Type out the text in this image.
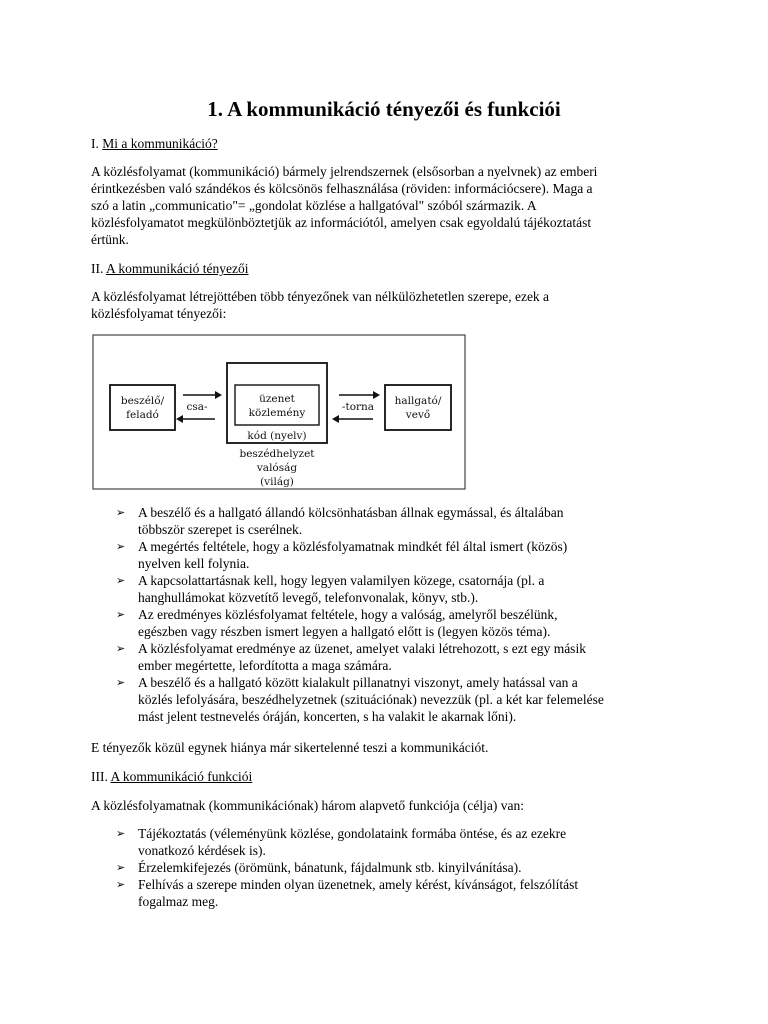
1. A kommunikáció tényezői és funkciói

I. Mi a kommunikáció?

A közlésfolyamat (kommunikáció) bármely jelrendszernek (elsősorban a nyelvnek) az emberi
érintkezésben való szándékos és kölcsönös felhasználása (röviden: információcsere). Maga a
szó a latin „communicatio"= „gondolat közlése a hallgatóval" szóból származik. A
közlésfolyamatot megkülönböztetjük az információtól, amelyen csak egyoldalú tájékoztatást
értünk.

II. A kommunikáció tényezői

A közlésfolyamat létrejöttében több tényezőnek van nélkülözhetetlen szerepe, ezek a
közlésfolyamat tényezői:
beszélő/
feladó
csa-
üzenet
közlemény
kód (nyelv)
-torna hallgató/
vevő
beszédhelyzet
valóság
(világ)
➢ A beszélő és a hallgató állandó kölcsönhatásban állnak egymással, és általában
többször szerepet is cserélnek.
➢ A megértés feltétele, hogy a közlésfolyamatnak mindkét fél által ismert (közös)
nyelven kell folynia.
➢ A kapcsolattartásnak kell, hogy legyen valamilyen közege, csatornája (pl. a
hanghullámokat közvetítő levegő, telefonvonalak, könyv, stb.).
➢ Az eredményes közlésfolyamat feltétele, hogy a valóság, amelyről beszélünk,
egészben vagy részben ismert legyen a hallgató előtt is (legyen közös téma).
➢ A közlésfolyamat eredménye az üzenet, amelyet valaki létrehozott, s ezt egy másik
ember megértette, lefordította a maga számára.
➢ A beszélő és a hallgató között kialakult pillanatnyi viszonyt, amely hatással van a
közlés lefolyására, beszédhelyzetnek (szituációnak) nevezzük (pl. a két kar felemelése
mást jelent testnevelés óráján, koncerten, s ha valakit le akarnak lőni).

E tényezők közül egynek hiánya már sikertelenné teszi a kommunikációt.

III. A kommunikáció funkciói

A közlésfolyamatnak (kommunikációnak) három alapvető funkciója (célja) van:

➢ Tájékoztatás (véleményünk közlése, gondolataink formába öntése, és az ezekre
vonatkozó kérdések is).
➢ Érzelemkifejezés (örömünk, bánatunk, fájdalmunk stb. kinyilvánítása).
➢ Felhívás a szerepe minden olyan üzenetnek, amely kérést, kívánságot, felszólítást
fogalmaz meg.
